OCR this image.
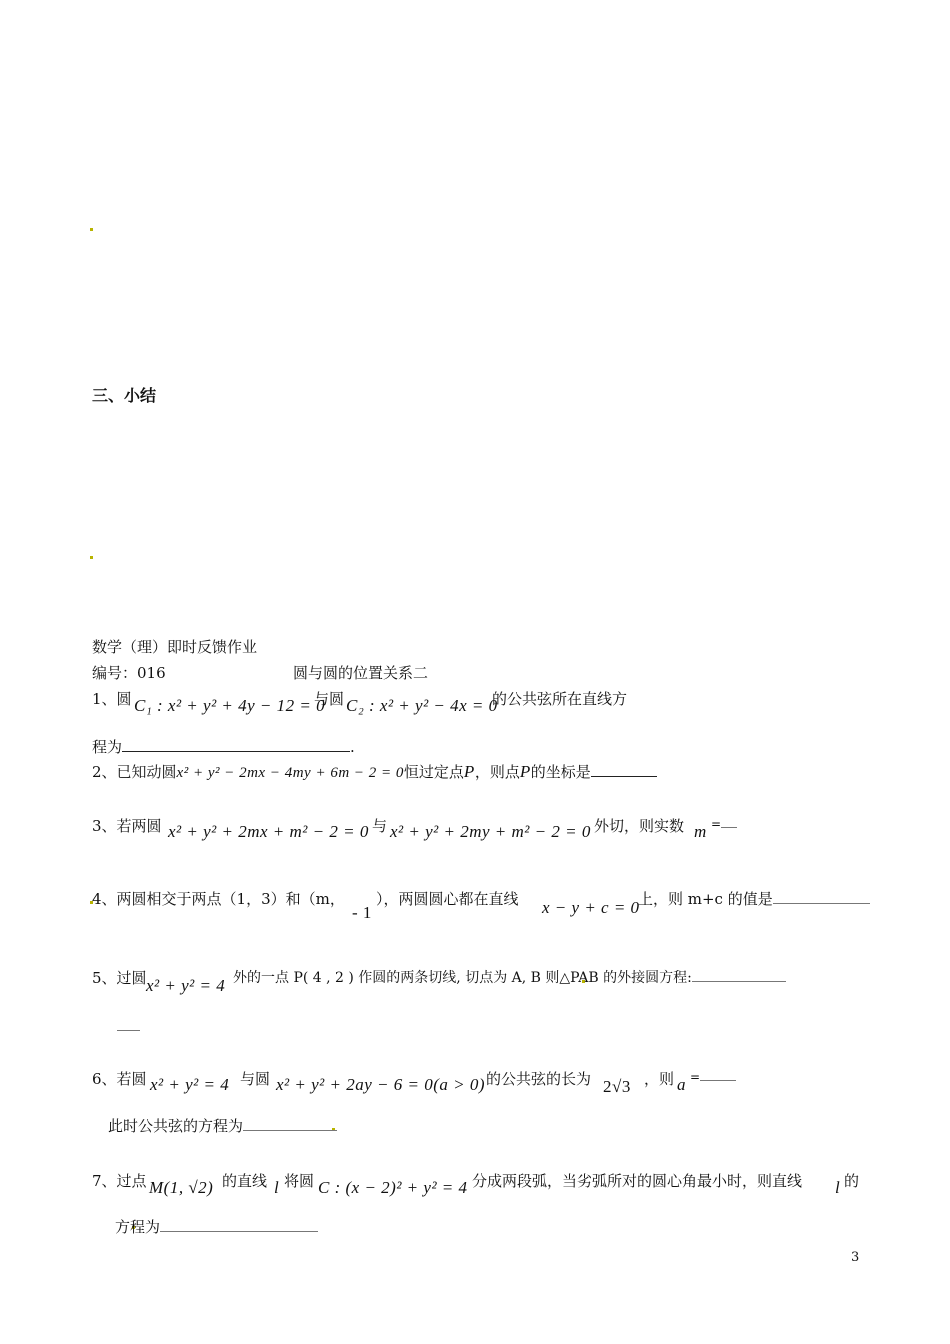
三、小结
数学（理）即时反馈作业
编号：016	圆与圆的位置关系二
1、圆 C₁ : x² + y² + 4y − 12 = 0
与圆 C₂ : x² + y² − 4x = 0
的公共弦所在直线方
程为	.
2、已知动圆x² + y² − 2mx − 4my + 6m − 2 = 0恒过定点P，则点P的坐标是
3、若两圆 x² + y² + 2mx + m² − 2 = 0 与 x² + y² + 2my + m² − 2 = 0 外切，则实数 m =
4、两圆相交于两点（1，3）和（m，
- 1
），两圆圆心都在直线 x − y + c = 0
上，则 m+c 的值是
5、过圆 x² + y² = 4 外的一点 P( 4 , 2 ) 作圆的两条切线, 切点为 A, B 则△PAB 的外接圆方程:
6、若圆 x² + y² = 4 与圆 x² + y² + 2ay − 6 = 0(a > 0) 的公共弦的长为 2√3 ，则 a =
此时公共弦的方程为
7、过点 M(1, √2) 的直线 l 将圆 C : (x − 2)² + y² = 4 分成两段弧，当劣弧所对的圆心角最小时，则直线 l 的
方程为
3
